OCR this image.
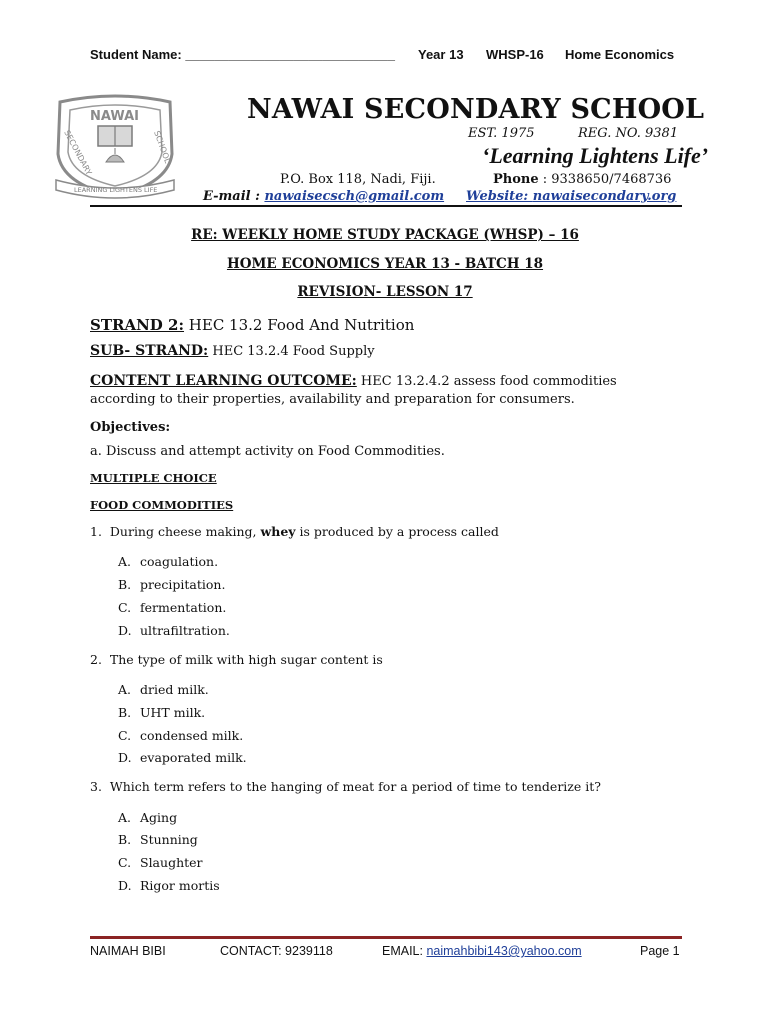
Student Name: _____________________________ Year 13 WHSP-16 Home Economics
NAWAI
SECONDARY	SCHOOL
LEARNING LIGHTENS LIFE
NAWAI SECONDARY SCHOOL
EST. 1975	REG. NO. 9381
‘Learning Lightens Life’
P.O. Box 118, Nadi, Fiji.	Phone : 9338650/7468736
E-mail : nawaisecsch@gmail.com Website: nawaisecondary.org
RE: WEEKLY HOME STUDY PACKAGE (WHSP) – 16
HOME ECONOMICS YEAR 13 - BATCH 18
REVISION- LESSON 17
STRAND 2: HEC 13.2 Food And Nutrition
SUB- STRAND: HEC 13.2.4 Food Supply
CONTENT LEARNING OUTCOME: HEC 13.2.4.2 assess food commodities
according to their properties, availability and preparation for consumers.
Objectives:
a. Discuss and attempt activity on Food Commodities.
MULTIPLE CHOICE
FOOD COMMODITIES
1. During cheese making, whey is produced by a process called
A. coagulation.
B. precipitation.
C. fermentation.
D. ultrafiltration.
2. The type of milk with high sugar content is
A. dried milk.
B. UHT milk.
C. condensed milk.
D. evaporated milk.
3. Which term refers to the hanging of meat for a period of time to tenderize it?
A. Aging
B. Stunning
C. Slaughter
D. Rigor mortis
NAIMAH BIBI	CONTACT: 9239118	EMAIL: naimahbibi143@yahoo.com	Page 1
